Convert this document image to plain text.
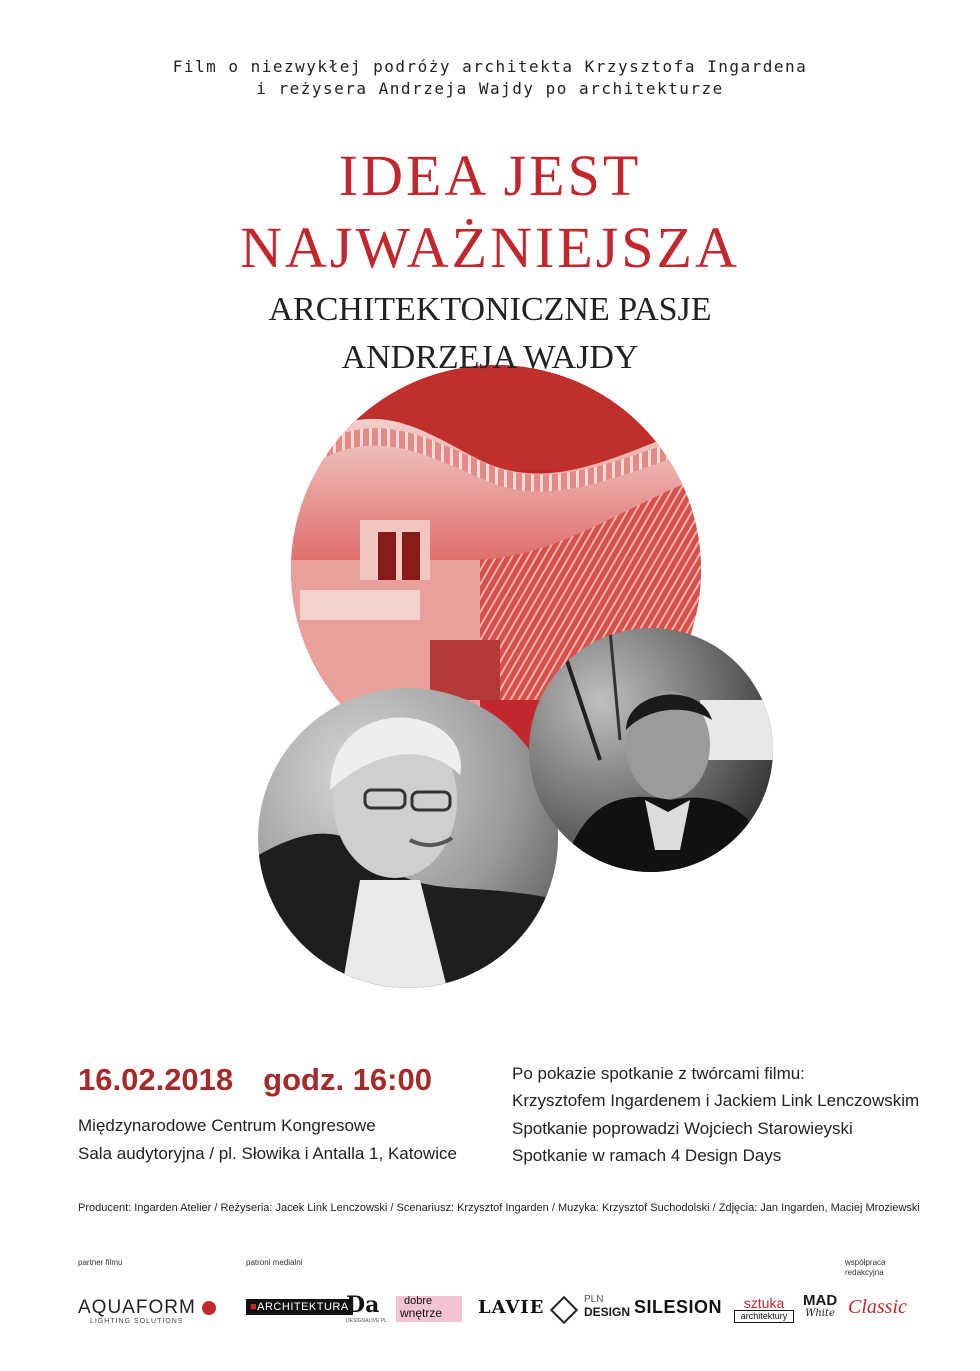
Film o niezwykłej podróży architekta Krzysztofa Ingardena
i reżysera Andrzeja Wajdy po architekturze
IDEA JEST
NAJWAŻNIEJSZA
ARCHITEKTONICZNE PASJE
ANDRZEJA WAJDY
16.02.2018 godz. 16:00
Międzynarodowe Centrum Kongresowe
Sala audytoryjna / pl. Słowika i Antalla 1, Katowice
Po pokazie spotkanie z twórcami filmu:
Krzysztofem Ingardenem i Jackiem Link Lenczowskim
Spotkanie poprowadzi Wojciech Starowieyski
Spotkanie w ramach 4 Design Days
Producent: Ingarden Atelier / Reżyseria: Jacek Link Lenczowski / Scenariusz: Krzysztof Ingarden / Muzyka: Krzysztof Suchodolski / Zdjęcia: Jan Ingarden, Maciej Mroziewski
partner filmu	patroni medialni	współpraca
redakcyjna
AQUAFORM
LIGHTING SOLUTIONS
■ARCHITEKTURA
Da
DESIGNALIVE.PL
dobre
wnętrze	LAVIE	PLN
DESIGN SILESION	sztuka
architektury
MAD
White Classic
